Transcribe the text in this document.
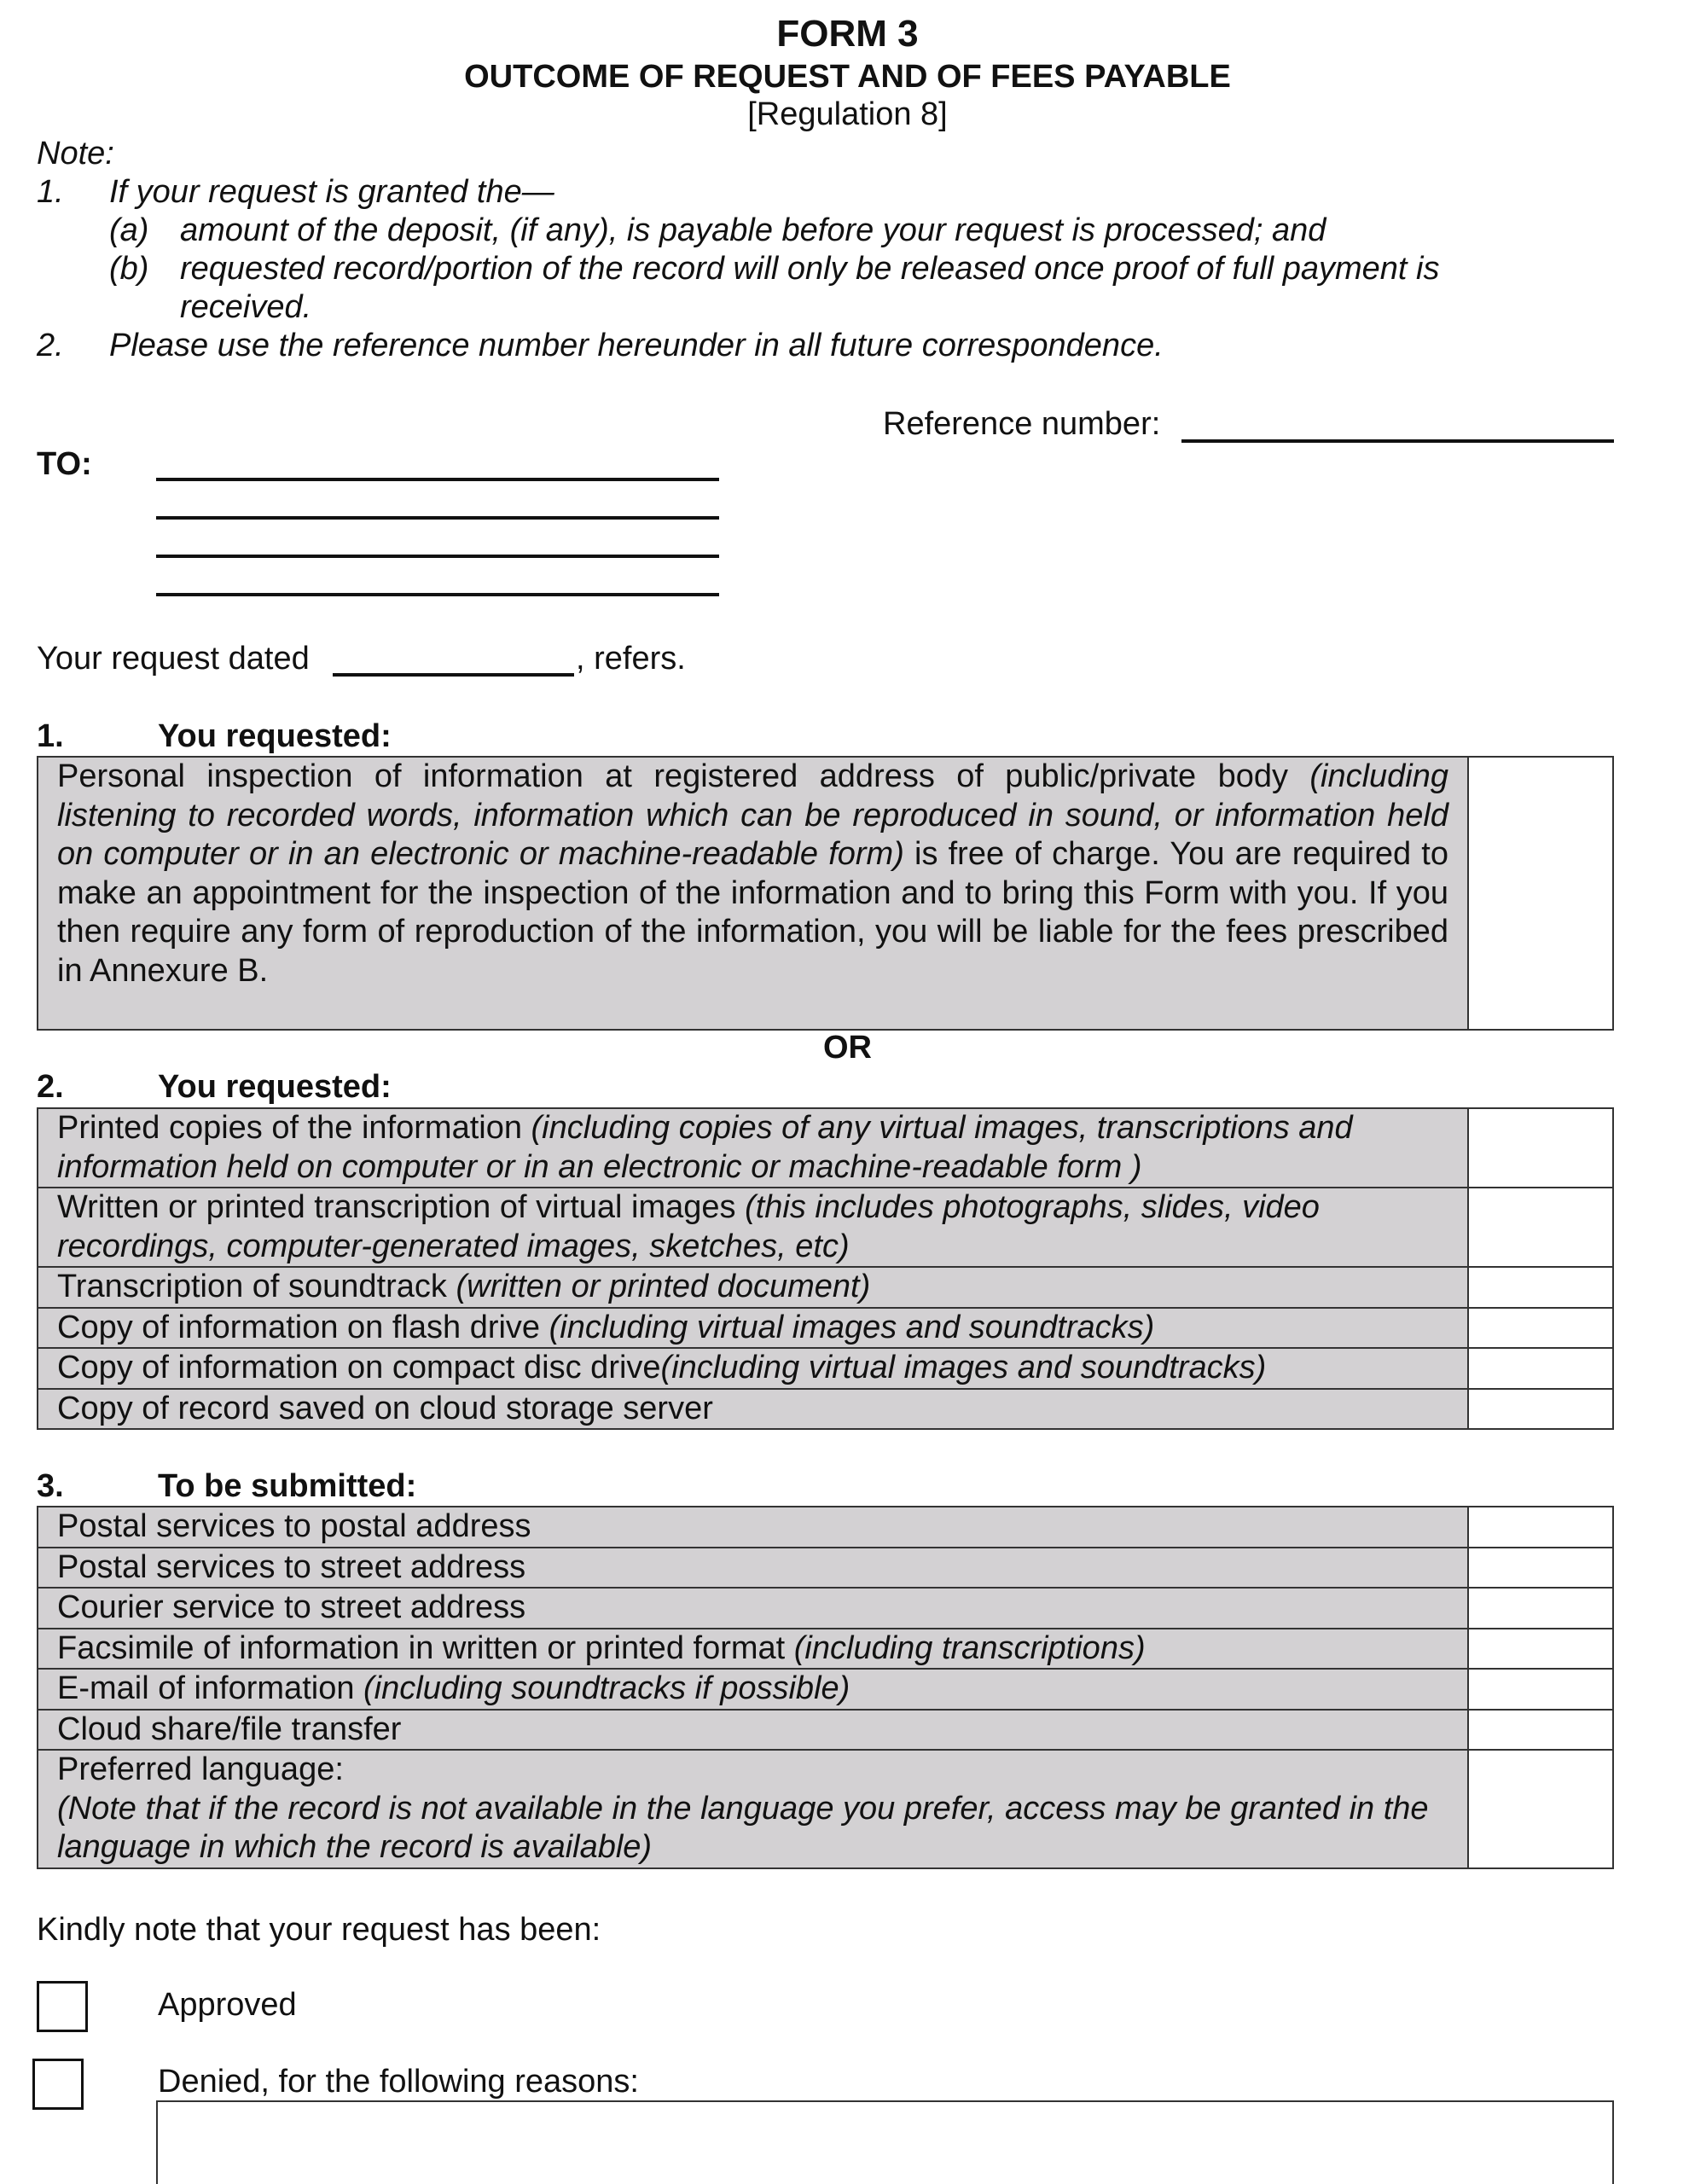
FORM 3
OUTCOME OF REQUEST AND OF FEES PAYABLE
[Regulation 8]
Note:
1. If your request is granted the—
(a) amount of the deposit, (if any), is payable before your request is processed; and
(b) requested record/portion of the record will only be released once proof of full payment is
received.
2. Please use the reference number hereunder in all future correspondence.
Reference number:
TO:
Your request dated	, refers.
1.	You requested:
Personal inspection of information at registered address of public/private body (including listening to recorded words, information which can be reproduced in sound, or information held on computer or in an electronic or machine-readable form) is free of charge. You are required to make an appointment for the inspection of the information and to bring this Form with you. If you then require any form of reproduction of the information, you will be liable for the fees prescribed in Annexure B.	
OR
2.	You requested:
Printed copies of the information (including copies of any virtual images, transcriptions and information held on computer or in an electronic or machine-readable form )	
Written or printed transcription of virtual images (this includes photographs, slides, video recordings, computer-generated images, sketches, etc)	
Transcription of soundtrack (written or printed document)	
Copy of information on flash drive (including virtual images and soundtracks)	
Copy of information on compact disc drive(including virtual images and soundtracks)	
Copy of record saved on cloud storage server	
3.	To be submitted:
Postal services to postal address	
Postal services to street address	
Courier service to street address	
Facsimile of information in written or printed format (including transcriptions)	
E-mail of information (including soundtracks if possible)	
Cloud share/file transfer	

Preferred language:
(Note that if the record is not available in the language you prefer, access may be granted in the language in which the record is available)	

Kindly note that your request has been:
Approved
Denied, for the following reasons:
